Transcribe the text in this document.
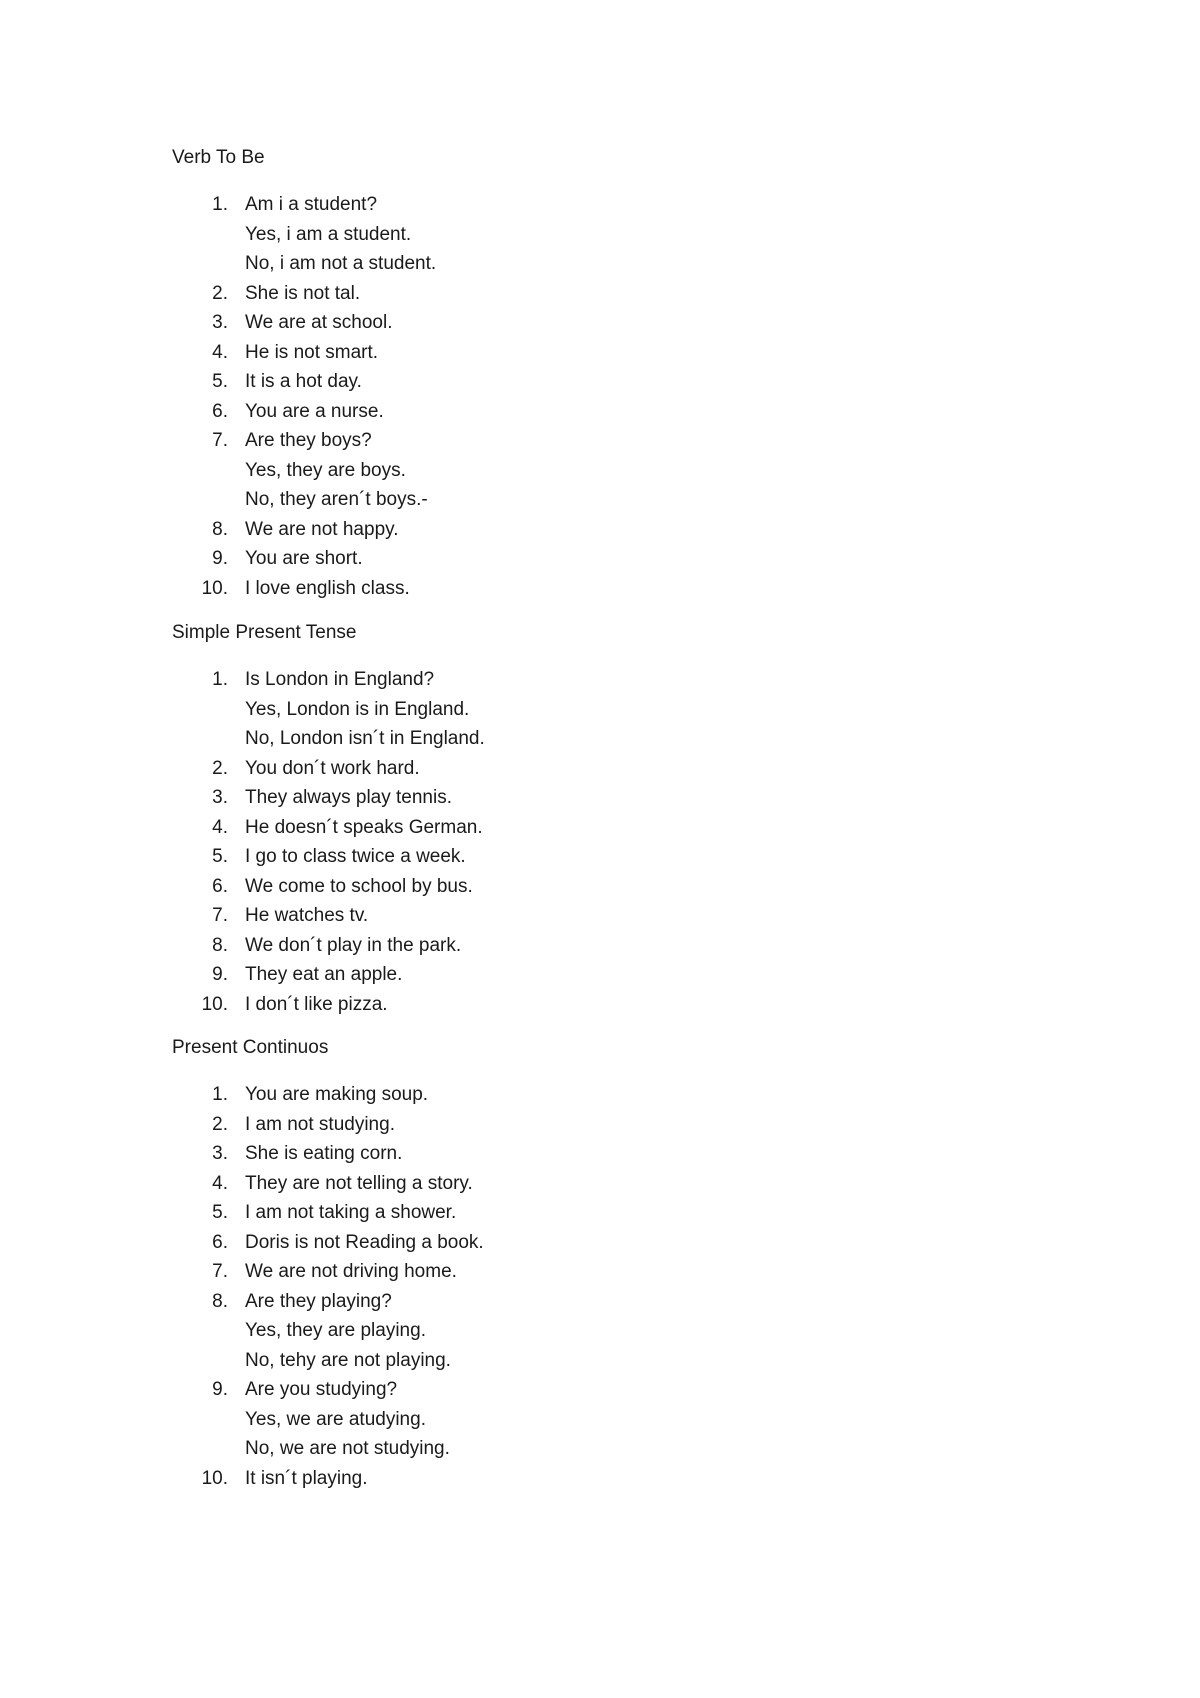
Verb To Be
1. Am i a student?
Yes, i am a student.
No, i am not a student.
2. She is not tal.
3. We are at school.
4. He is not smart.
5. It is a hot day.
6. You are a nurse.
7. Are they boys?
Yes, they are boys.
No, they aren´t boys.-
8. We are not happy.
9. You are short.
10. I love english class.
Simple Present Tense
1. Is London in England?
Yes, London is in England.
No, London isn´t in England.
2. You don´t work hard.
3. They always play tennis.
4. He doesn´t speaks German.
5. I go to class twice a week.
6. We come to school by bus.
7. He watches tv.
8. We don´t play in the park.
9. They eat an apple.
10. I don´t like pizza.
Present Continuos
1. You are making soup.
2. I am not studying.
3. She is eating corn.
4. They are not telling a story.
5. I am not taking a shower.
6. Doris is not Reading a book.
7. We are not driving home.
8. Are they playing?
Yes, they are playing.
No, tehy are not playing.
9. Are you studying?
Yes, we are atudying.
No, we are not studying.
10. It isn´t playing.
